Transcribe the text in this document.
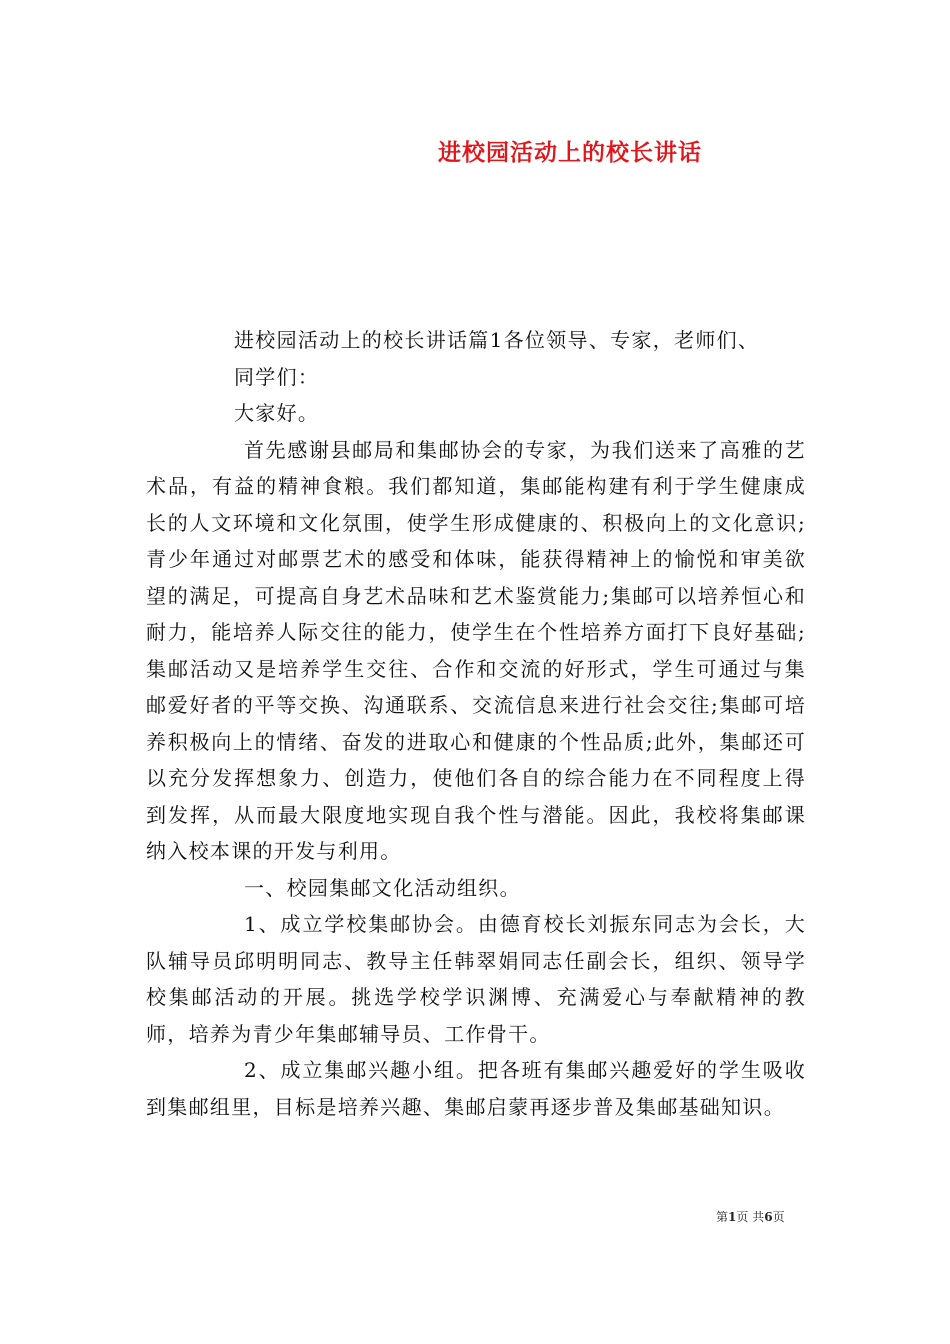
进校园活动上的校长讲话

进校园活动上的校长讲话篇1各位领导、专家，老师们、

同学们：

大家好。

首先感谢县邮局和集邮协会的专家，为我们送来了高雅的艺术品，有益的精神食粮。我们都知道，集邮能构建有利于学生健康成长的人文环境和文化氛围，使学生形成健康的、积极向上的文化意识;青少年通过对邮票艺术的感受和体味，能获得精神上的愉悦和审美欲望的满足，可提高自身艺术品味和艺术鉴赏能力;集邮可以培养恒心和耐力，能培养人际交往的能力，使学生在个性培养方面打下良好基础;集邮活动又是培养学生交往、合作和交流的好形式，学生可通过与集邮爱好者的平等交换、沟通联系、交流信息来进行社会交往;集邮可培养积极向上的情绪、奋发的进取心和健康的个性品质;此外，集邮还可以充分发挥想象力、创造力，使他们各自的综合能力在不同程度上得到发挥，从而最大限度地实现自我个性与潜能。因此，我校将集邮课纳入校本课的开发与利用。

一、校园集邮文化活动组织。

1、成立学校集邮协会。由德育校长刘振东同志为会长，大队辅导员邱明明同志、教导主任韩翠娟同志任副会长，组织、领导学校集邮活动的开展。挑选学校学识渊博、充满爱心与奉献精神的教师，培养为青少年集邮辅导员、工作骨干。

2、成立集邮兴趣小组。把各班有集邮兴趣爱好的学生吸收到集邮组里，目标是培养兴趣、集邮启蒙再逐步普及集邮基础知识。

第1页 共6页
